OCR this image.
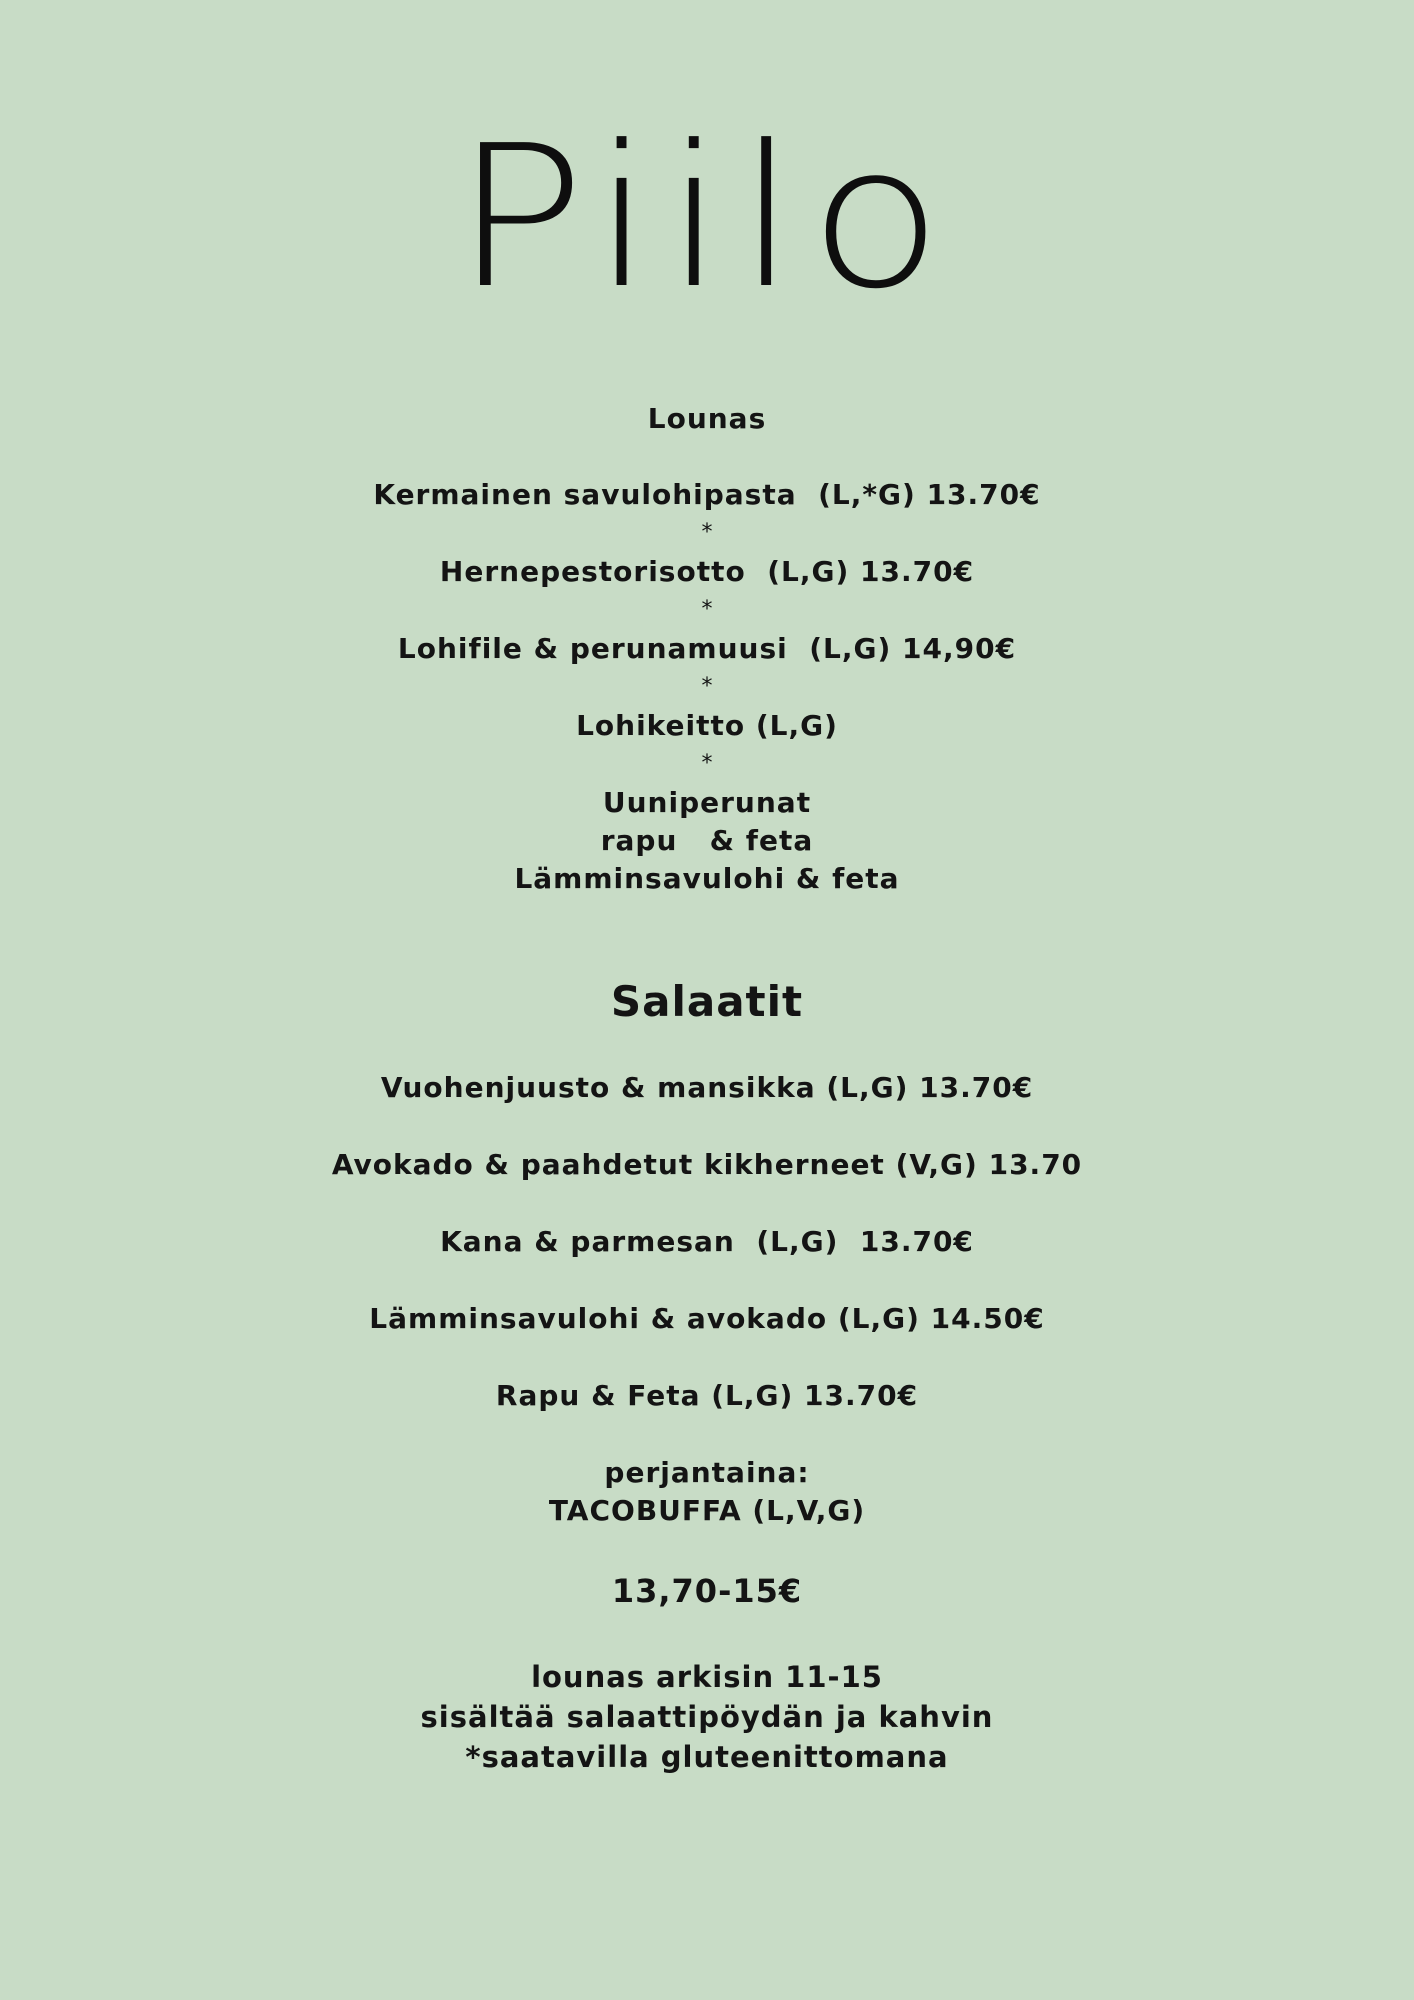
Piilo
Lounas
Kermainen savulohipasta  (L,*G) 13.70€
*
Hernepestorisotto  (L,G) 13.70€
*
Lohifile & perunamuusi  (L,G) 14,90€
*
Lohikeitto (L,G)
*
Uuniperunat
rapu   & feta
Lämminsavulohi & feta
Salaatit
Vuohenjuusto & mansikka (L,G) 13.70€
Avokado & paahdetut kikherneet (V,G) 13.70
Kana & parmesan  (L,G)  13.70€
Lämminsavulohi & avokado (L,G) 14.50€
Rapu & Feta (L,G) 13.70€
perjantaina:
TACOBUFFA (L,V,G)
13,70-15€
lounas arkisin 11-15
sisältää salaattipöydän ja kahvin
*saatavilla gluteenittomana
